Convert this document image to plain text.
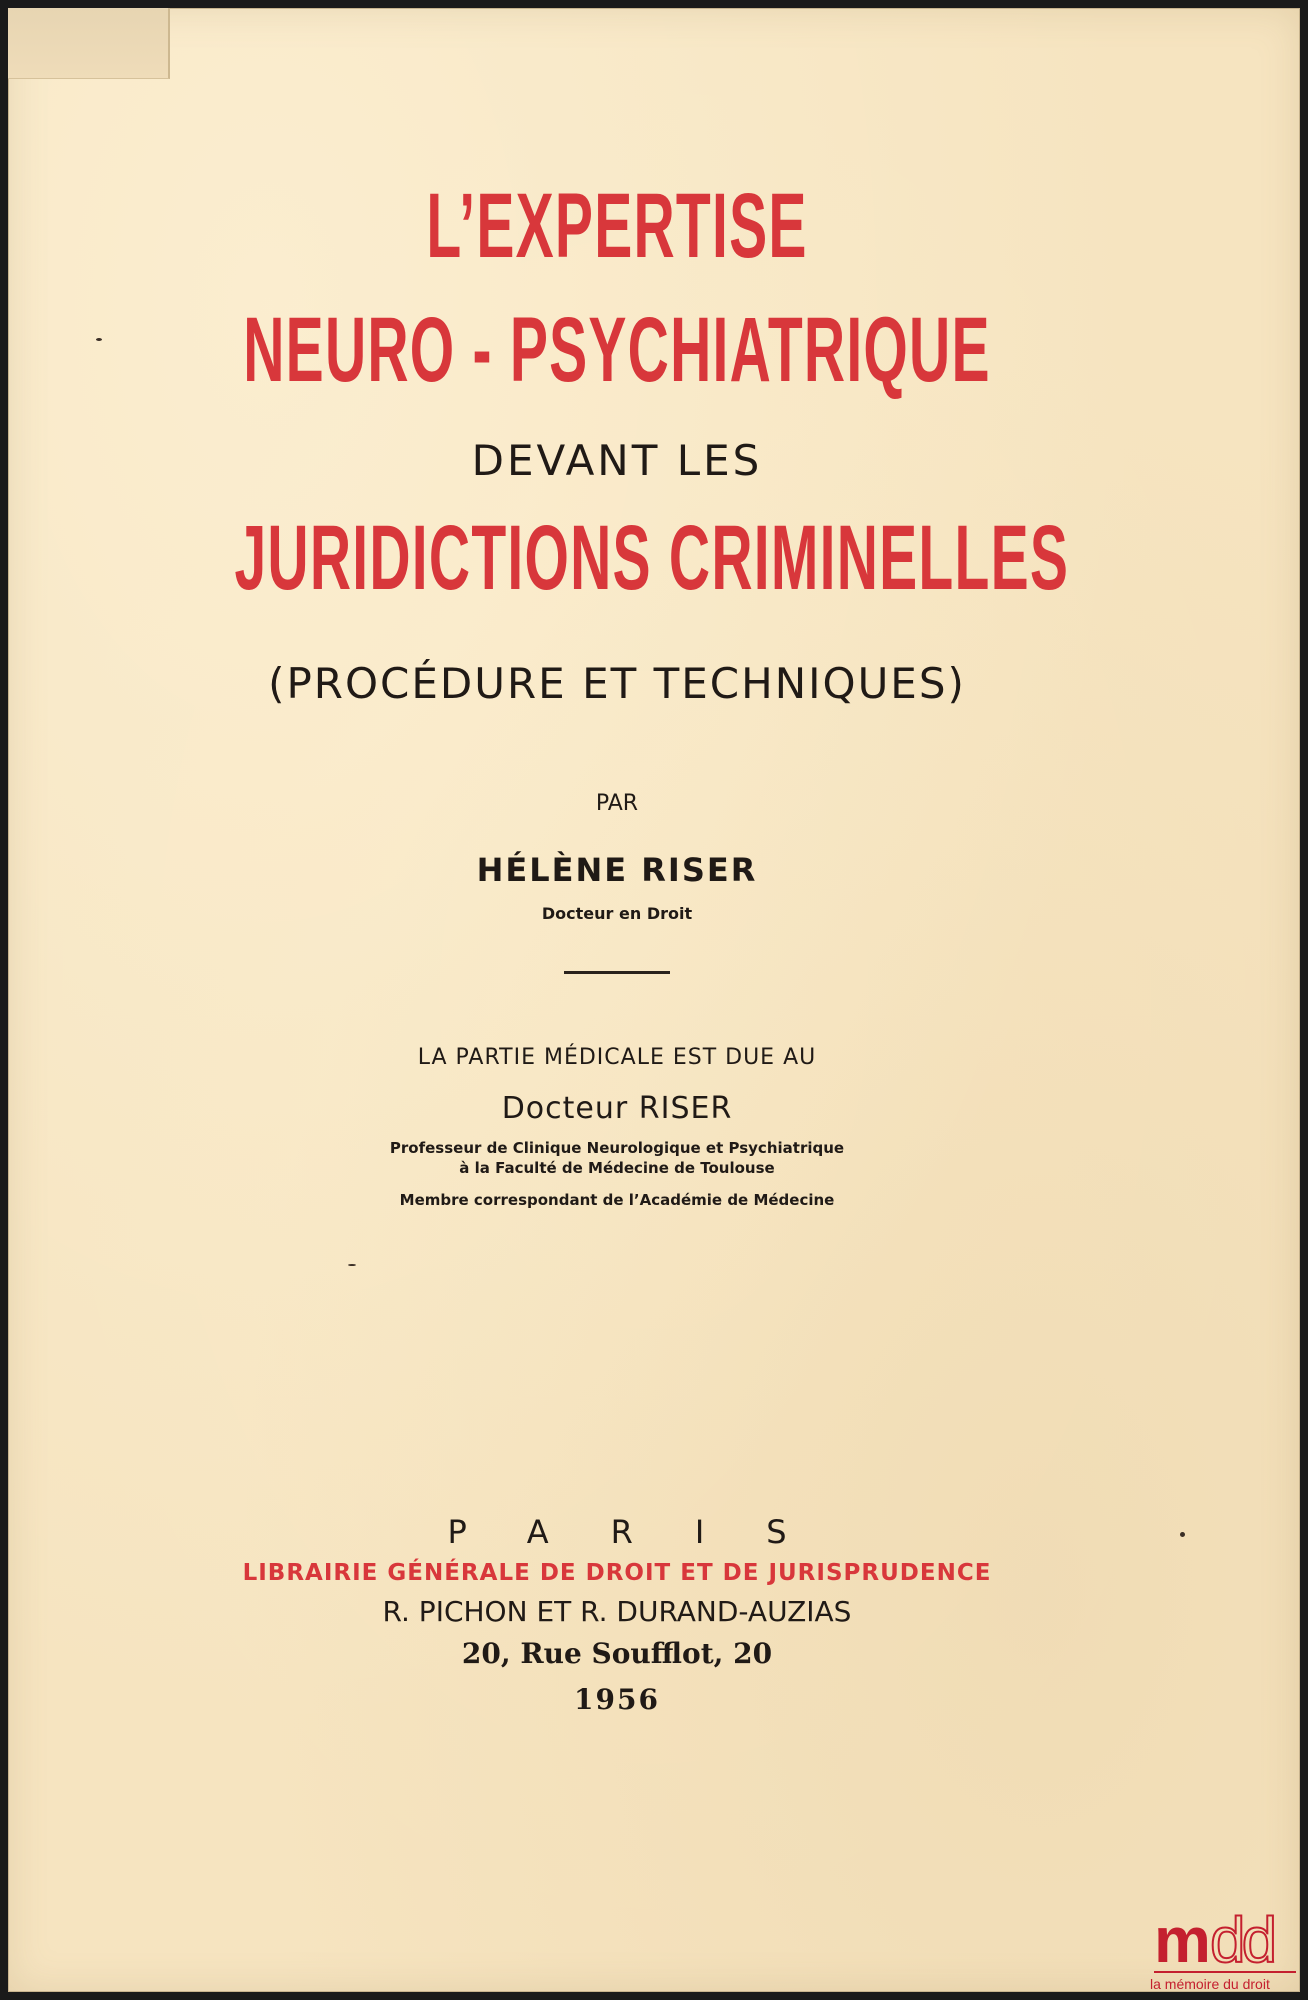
L’EXPERTISE
NEURO - PSYCHIATRIQUE
DEVANT LES
JURIDICTIONS CRIMINELLES
(PROCÉDURE ET TECHNIQUES)
PAR
HÉLÈNE RISER
Docteur en Droit
LA PARTIE MÉDICALE EST DUE AU
Docteur RISER
Professeur de Clinique Neurologique et Psychiatrique
à la Faculté de Médecine de Toulouse
Membre correspondant de l’Académie de Médecine
PARIS
LIBRAIRIE GÉNÉRALE DE DROIT ET DE JURISPRUDENCE
R. PICHON ET R. DURAND-AUZIAS
20, Rue Soufflot, 20
1956
m dd
la mémoire du droit
